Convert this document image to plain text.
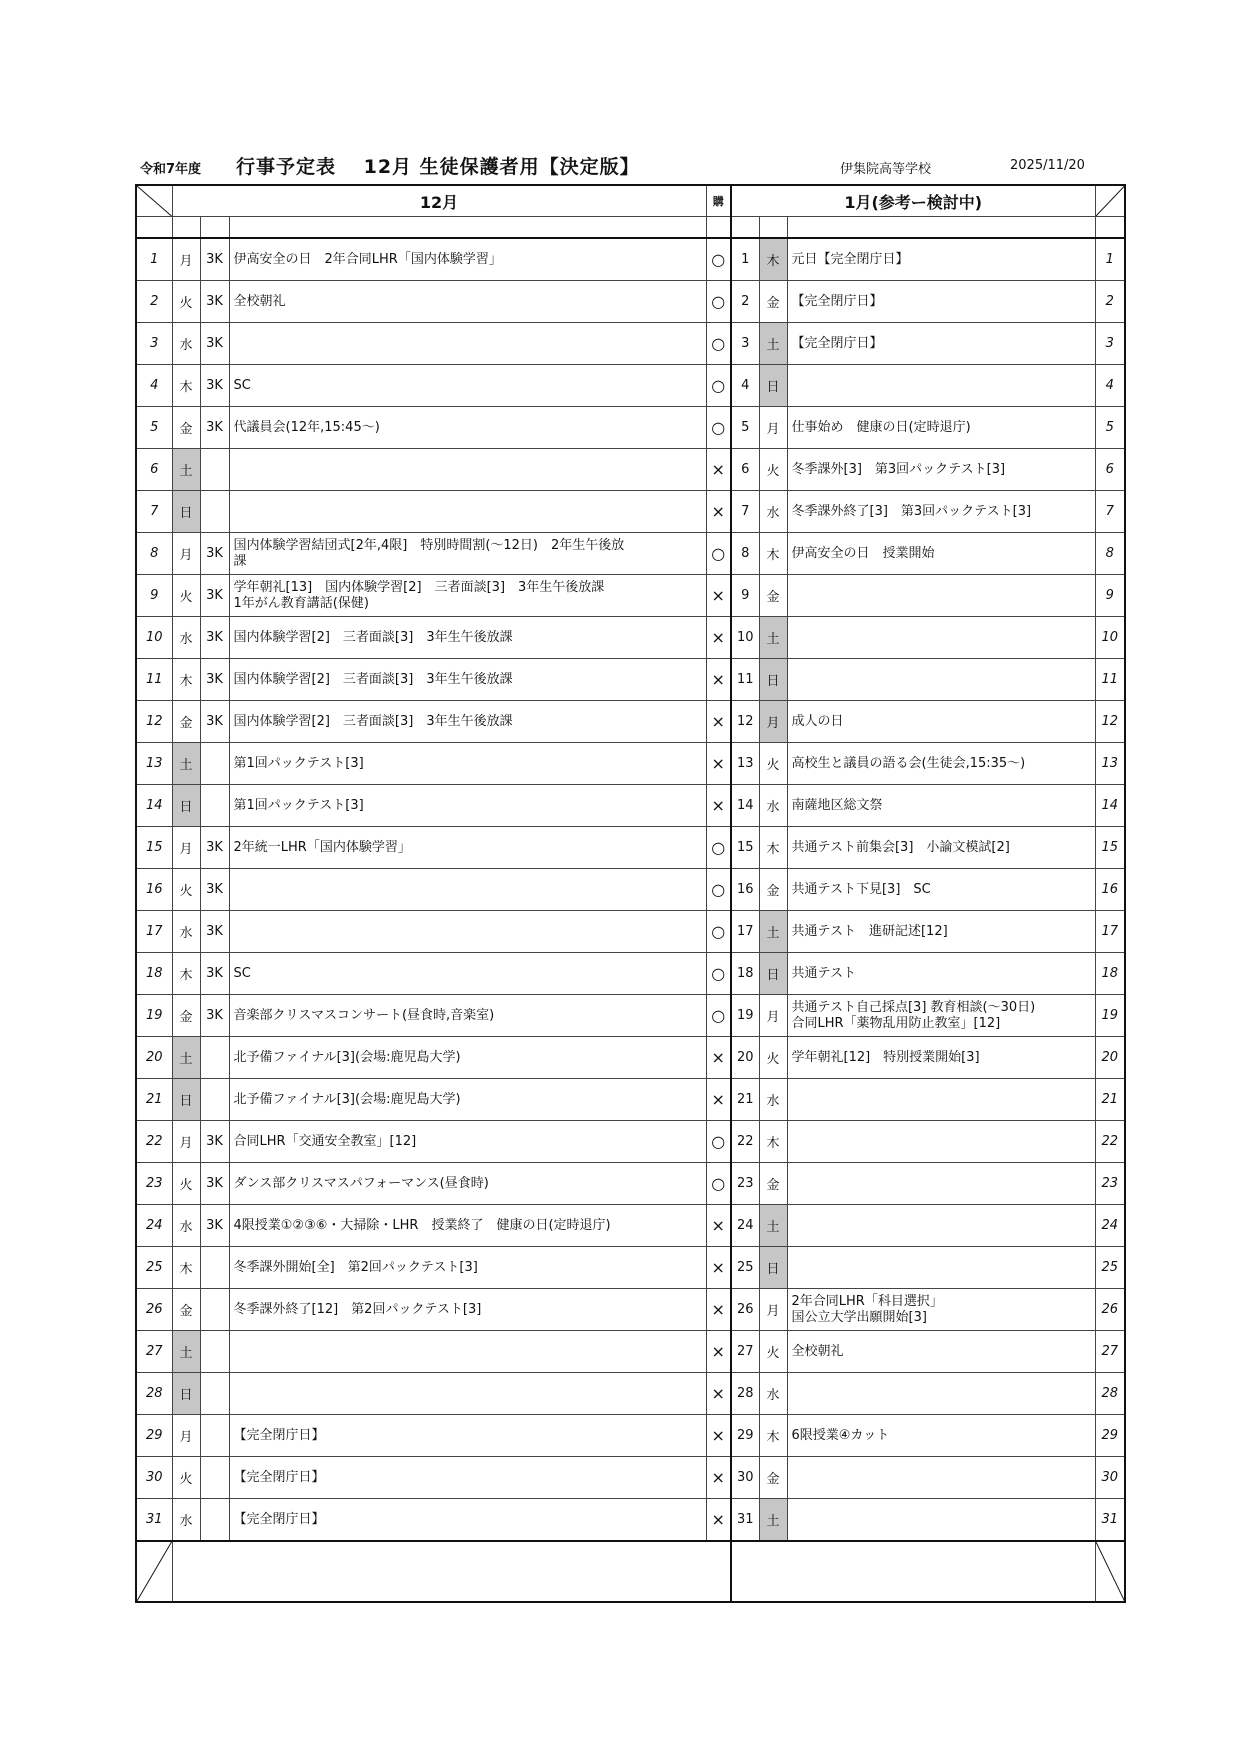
令和7年度 行事予定表　 12月 生徒保護者用【決定版】	伊集院高等学校	2025/11/20
	12月			購	1月(参考ー検討中)	

1	月	3K	伊高安全の日　2年合同LHR「国内体験学習」	○	1	木	元日【完全閉庁日】	1
2	火	3K	全校朝礼	○	2	金	【完全閉庁日】	2
3	水	3K		○	3	土	【完全閉庁日】	3
4	木	3K	SC	○	4	日		4
5	金	3K	代議員会(12年,15:45～)	○	5	月	仕事始め　健康の日(定時退庁)	5
6	土			×	6	火	冬季課外[3]　第3回パックテスト[3]	6
7	日			×	7	水	冬季課外終了[3]　第3回パックテスト[3]	7
8	月	3K	国内体験学習結団式[2年,4限]　特別時間割(～12日)　2年生午後放
課	○	8	木	伊高安全の日　授業開始	8
9	火	3K	学年朝礼[13]　国内体験学習[2]　三者面談[3]　3年生午後放課
1年がん教育講話(保健)	×	9	金		9
10	水	3K	国内体験学習[2]　三者面談[3]　3年生午後放課	×	10	土		10
11	木	3K	国内体験学習[2]　三者面談[3]　3年生午後放課	×	11	日		11
12	金	3K	国内体験学習[2]　三者面談[3]　3年生午後放課	×	12	月	成人の日	12
13	土		第1回パックテスト[3]	×	13	火	高校生と議員の語る会(生徒会,15:35～)	13
14	日		第1回パックテスト[3]	×	14	水	南薩地区総文祭	14
15	月	3K	2年統一LHR「国内体験学習」	○	15	木	共通テスト前集会[3]　小論文模試[2]	15
16	火	3K		○	16	金	共通テスト下見[3]　SC	16
17	水	3K		○	17	土	共通テスト　進研記述[12]	17
18	木	3K	SC	○	18	日	共通テスト	18
19	金	3K	音楽部クリスマスコンサート(昼食時,音楽室)	○	19	月	共通テスト自己採点[3] 教育相談(～30日)
合同LHR「薬物乱用防止教室」[12]	19
20	土		北予備ファイナル[3](会場:鹿児島大学)	×	20	火	学年朝礼[12]　特別授業開始[3]	20
21	日		北予備ファイナル[3](会場:鹿児島大学)	×	21	水		21
22	月	3K	合同LHR「交通安全教室」[12]	○	22	木		22
23	火	3K	ダンス部クリスマスパフォーマンス(昼食時)	○	23	金		23
24	水	3K	4限授業①②③⑥・大掃除・LHR　授業終了　健康の日(定時退庁)	×	24	土		24
25	木		冬季課外開始[全]　第2回パックテスト[3]	×	25	日		25
26	金		冬季課外終了[12]　第2回パックテスト[3]	×	26	月	2年合同LHR「科目選択」
国公立大学出願開始[3]	26
27	土			×	27	火	全校朝礼	27
28	日			×	28	水		28
29	月		【完全閉庁日】	×	29	木	6限授業④カット	29
30	火		【完全閉庁日】	×	30	金		30
31	水		【完全閉庁日】	×	31	土		31
